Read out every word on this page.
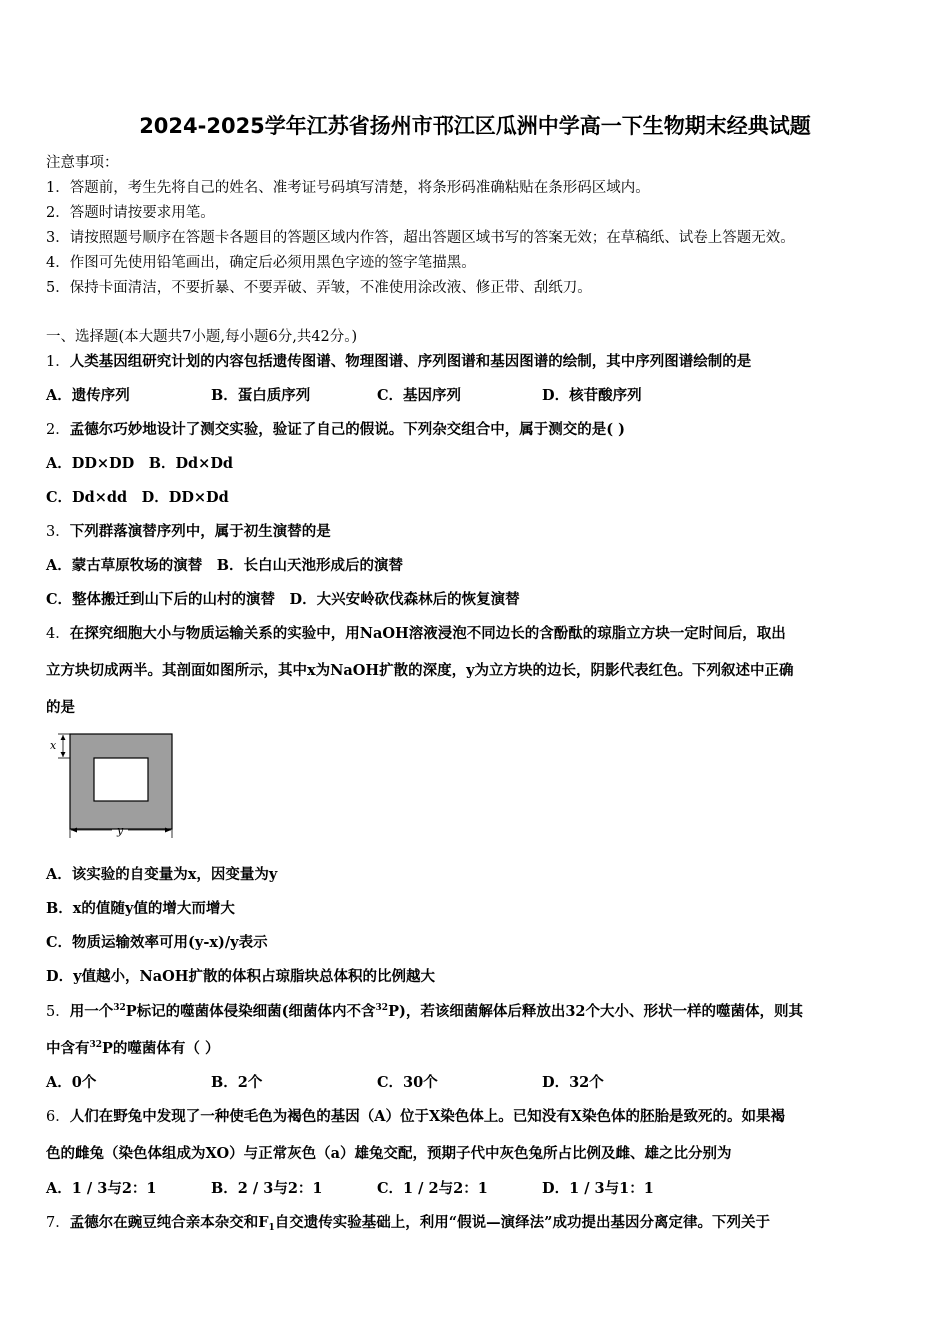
2024-2025学年江苏省扬州市邗江区瓜洲中学高一下生物期末经典试题
注意事项：
1．答题前，考生先将自己的姓名、准考证号码填写清楚，将条形码准确粘贴在条形码区域内。
2．答题时请按要求用笔。
3．请按照题号顺序在答题卡各题目的答题区域内作答，超出答题区域书写的答案无效；在草稿纸、试卷上答题无效。
4．作图可先使用铅笔画出，确定后必须用黑色字迹的签字笔描黑。
5．保持卡面清洁，不要折暴、不要弄破、弄皱，不准使用涂改液、修正带、刮纸刀。
一、选择题(本大题共7小题,每小题6分,共42分。)
1．人类基因组研究计划的内容包括遗传图谱、物理图谱、序列图谱和基因图谱的绘制，其中序列图谱绘制的是
A．遗传序列	B．蛋白质序列	C．基因序列	D．核苷酸序列
2．孟德尔巧妙地设计了测交实验，验证了自己的假说。下列杂交组合中，属于测交的是( )
A．DD×DD　B．Dd×Dd
C．Dd×dd　D．DD×Dd
3．下列群落演替序列中，属于初生演替的是
A．蒙古草原牧场的演替　B．长白山天池形成后的演替
C．整体搬迁到山下后的山村的演替　D．大兴安岭砍伐森林后的恢复演替
4．在探究细胞大小与物质运输关系的实验中，用NaOH溶液浸泡不同边长的含酚酞的琼脂立方块一定时间后，取出
立方块切成两半。其剖面如图所示，其中x为NaOH扩散的深度，y为立方块的边长，阴影代表红色。下列叙述中正确
的是
x
y
A．该实验的自变量为x，因变量为y
B．x的值随y值的增大而增大
C．物质运输效率可用(y-x)/y表示
D．y值越小，NaOH扩散的体积占琼脂块总体积的比例越大
5．用一个$^{32}$P标记的噬菌体侵染细菌(细菌体内不含$^{32}$P)，若该细菌解体后释放出32个大小、形状一样的噬菌体，则其
中含有$^{32}$P的噬菌体有（ ）
A．0个	B．2个	C．30个	D．32个
6．人们在野兔中发现了一种使毛色为褐色的基因（A）位于X染色体上。已知没有X染色体的胚胎是致死的。如果褐
色的雌兔（染色体组成为XO）与正常灰色（a）雄兔交配，预期子代中灰色兔所占比例及雌、雄之比分别为
A．1 / 3与2：1	B．2 / 3与2：1	C．1 / 2与2：1	D．1 / 3与1：1
7．孟德尔在豌豆纯合亲本杂交和$F_1$自交遗传实验基础上，利用“假说—演绎法”成功提出基因分离定律。下列关于
